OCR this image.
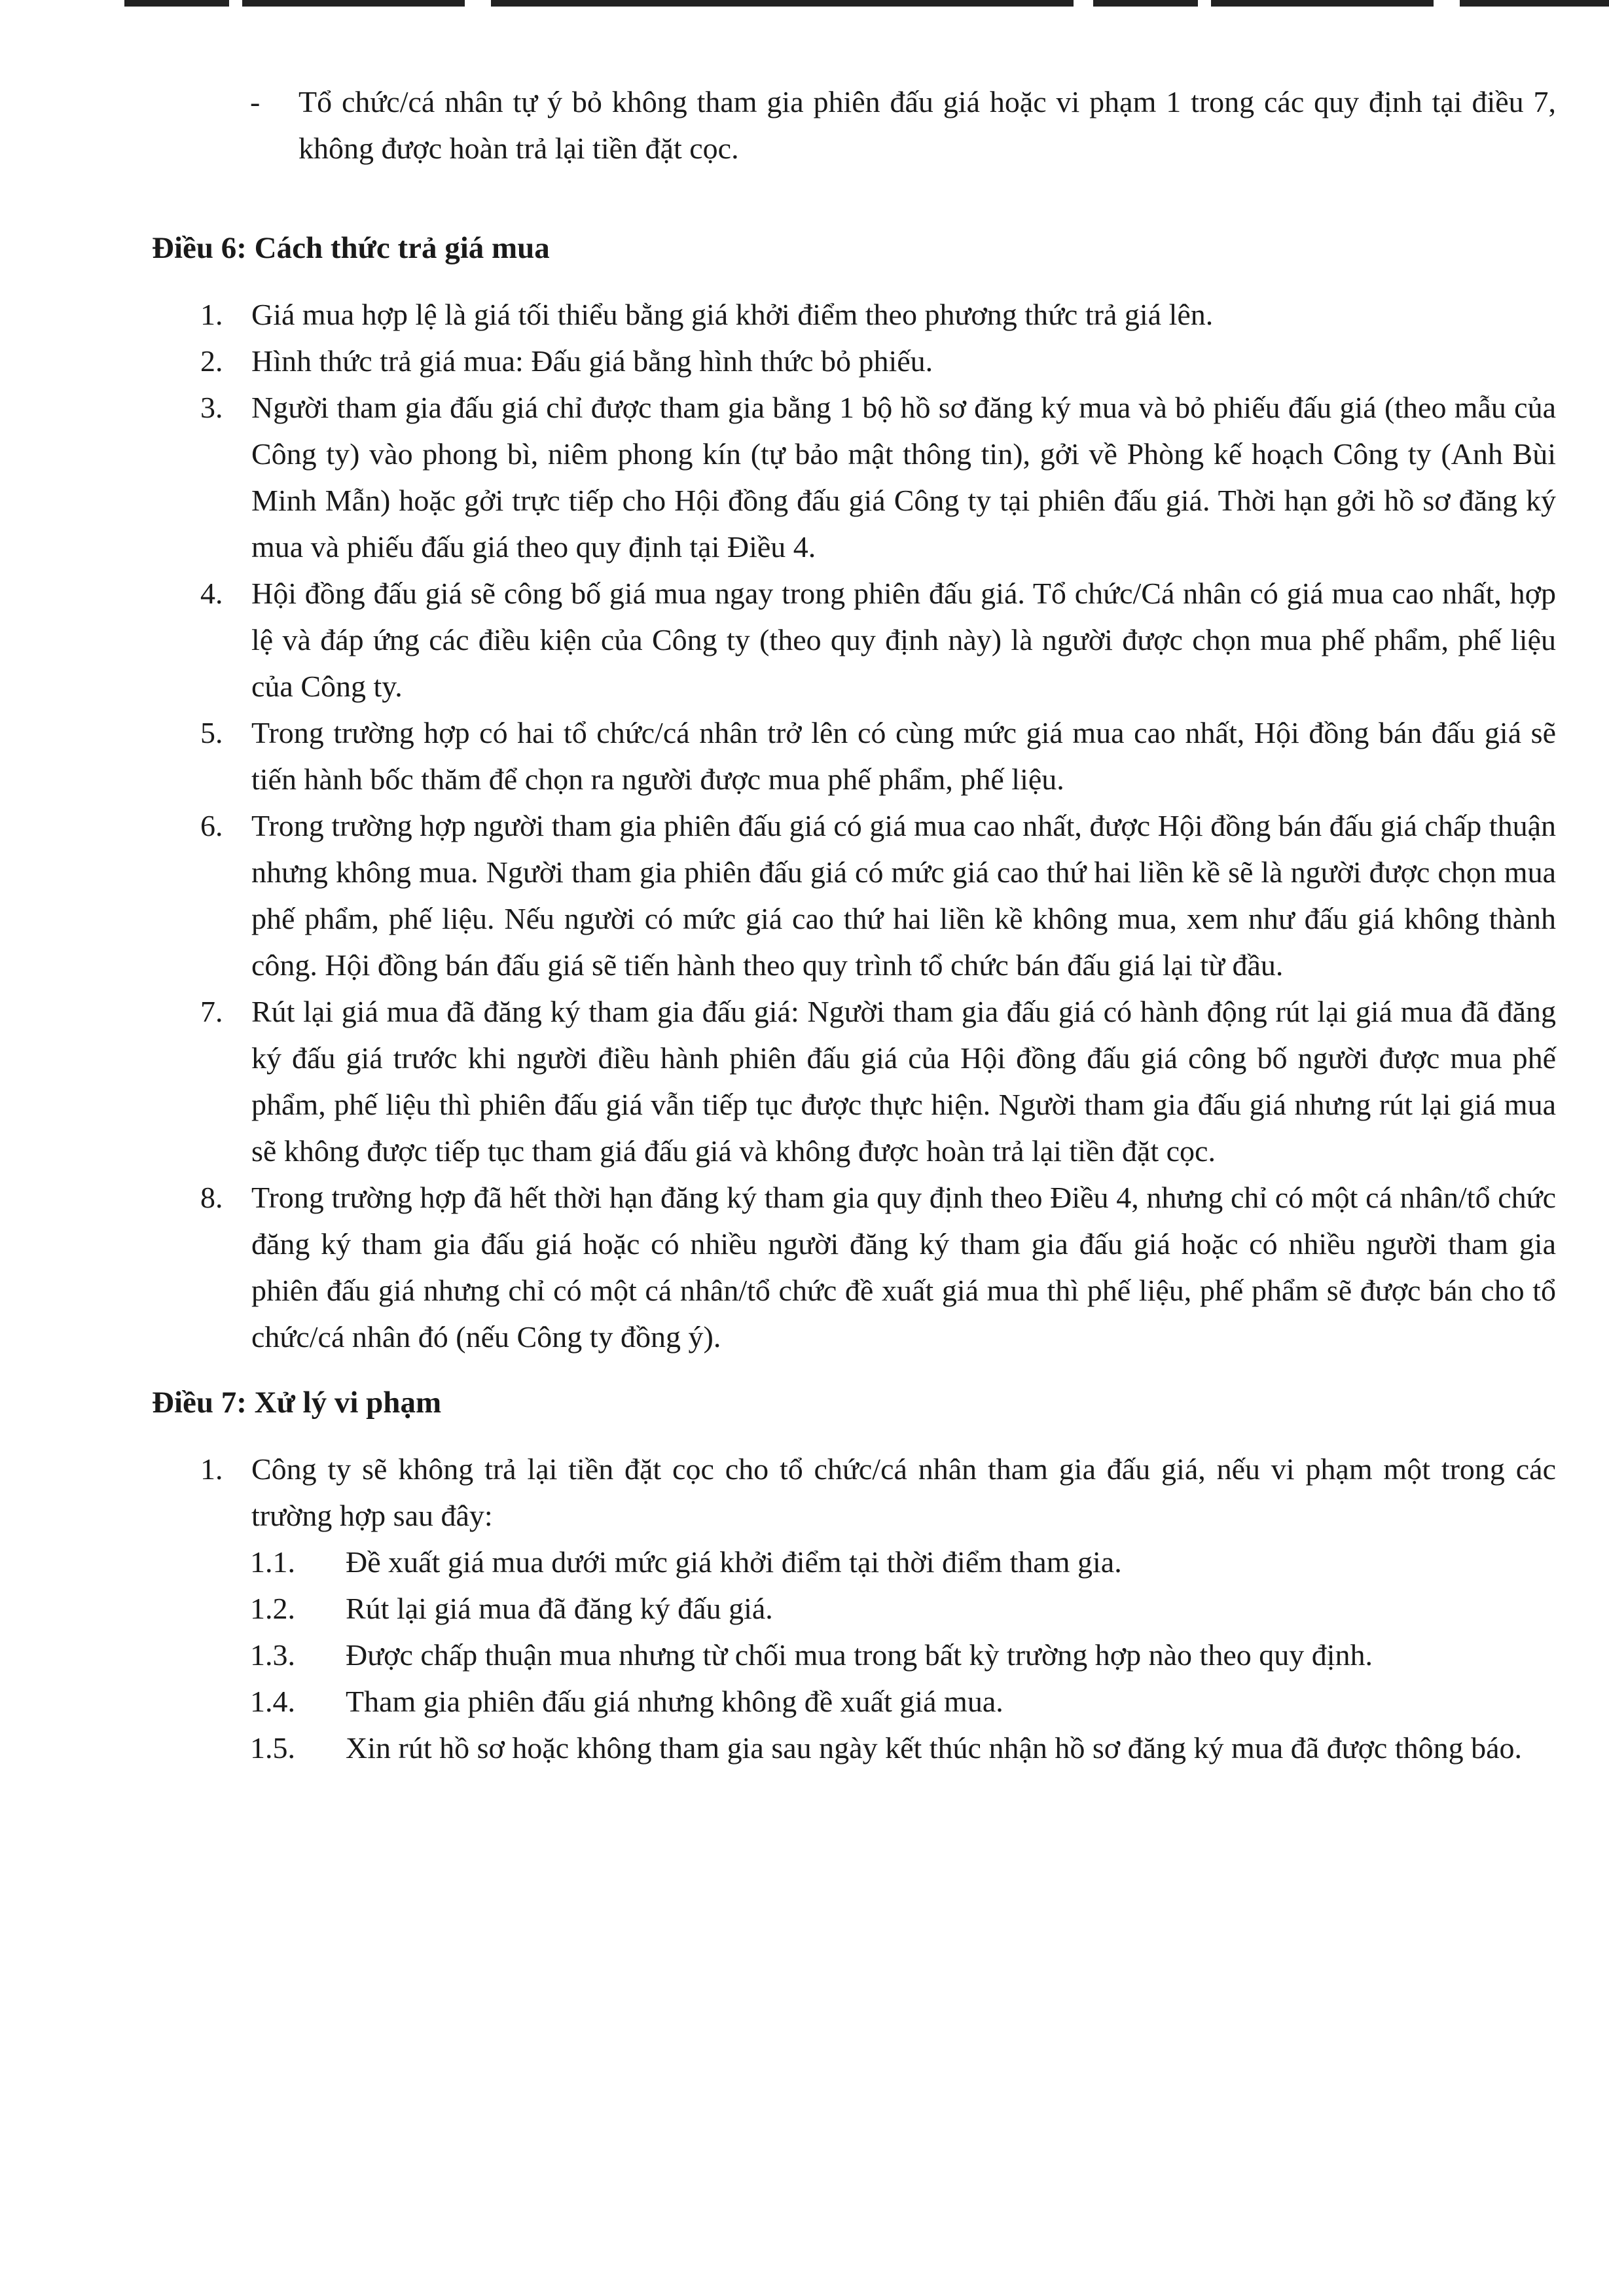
- Tổ chức/cá nhân tự ý bỏ không tham gia phiên đấu giá hoặc vi phạm 1 trong các quy định tại điều 7, không được hoàn trả lại tiền đặt cọc.
Điều 6: Cách thức trả giá mua
1. Giá mua hợp lệ là giá tối thiểu bằng giá khởi điểm theo phương thức trả giá lên.
2. Hình thức trả giá mua: Đấu giá bằng hình thức bỏ phiếu.
3. Người tham gia đấu giá chỉ được tham gia bằng 1 bộ hồ sơ đăng ký mua và bỏ phiếu đấu giá (theo mẫu của Công ty) vào phong bì, niêm phong kín (tự bảo mật thông tin), gởi về Phòng kế hoạch Công ty (Anh Bùi Minh Mẫn) hoặc gởi trực tiếp cho Hội đồng đấu giá Công ty tại phiên đấu giá. Thời hạn gởi hồ sơ đăng ký mua và phiếu đấu giá theo quy định tại Điều 4.
4. Hội đồng đấu giá sẽ công bố giá mua ngay trong phiên đấu giá. Tổ chức/Cá nhân có giá mua cao nhất, hợp lệ và đáp ứng các điều kiện của Công ty (theo quy định này) là người được chọn mua phế phẩm, phế liệu của Công ty.
5. Trong trường hợp có hai tổ chức/cá nhân trở lên có cùng mức giá mua cao nhất, Hội đồng bán đấu giá sẽ tiến hành bốc thăm để chọn ra người được mua phế phẩm, phế liệu.
6. Trong trường hợp người tham gia phiên đấu giá có giá mua cao nhất, được Hội đồng bán đấu giá chấp thuận nhưng không mua. Người tham gia phiên đấu giá có mức giá cao thứ hai liền kề sẽ là người được chọn mua phế phẩm, phế liệu. Nếu người có mức giá cao thứ hai liền kề không mua, xem như đấu giá không thành công. Hội đồng bán đấu giá sẽ tiến hành theo quy trình tổ chức bán đấu giá lại từ đầu.
7. Rút lại giá mua đã đăng ký tham gia đấu giá: Người tham gia đấu giá có hành động rút lại giá mua đã đăng ký đấu giá trước khi người điều hành phiên đấu giá của Hội đồng đấu giá công bố người được mua phế phẩm, phế liệu thì phiên đấu giá vẫn tiếp tục được thực hiện. Người tham gia đấu giá nhưng rút lại giá mua sẽ không được tiếp tục tham giá đấu giá và không được hoàn trả lại tiền đặt cọc.
8. Trong trường hợp đã hết thời hạn đăng ký tham gia quy định theo Điều 4, nhưng chỉ có một cá nhân/tổ chức đăng ký tham gia đấu giá hoặc có nhiều người đăng ký tham gia đấu giá hoặc có nhiều người tham gia phiên đấu giá nhưng chỉ có một cá nhân/tổ chức đề xuất giá mua thì phế liệu, phế phẩm sẽ được bán cho tổ chức/cá nhân đó (nếu Công ty đồng ý).
Điều 7: Xử lý vi phạm
1. Công ty sẽ không trả lại tiền đặt cọc cho tổ chức/cá nhân tham gia đấu giá, nếu vi phạm một trong các trường hợp sau đây:
1.1. Đề xuất giá mua dưới mức giá khởi điểm tại thời điểm tham gia.
1.2. Rút lại giá mua đã đăng ký đấu giá.
1.3. Được chấp thuận mua nhưng từ chối mua trong bất kỳ trường hợp nào theo quy định.
1.4. Tham gia phiên đấu giá nhưng không đề xuất giá mua.
1.5. Xin rút hồ sơ hoặc không tham gia sau ngày kết thúc nhận hồ sơ đăng ký mua đã được thông báo.
